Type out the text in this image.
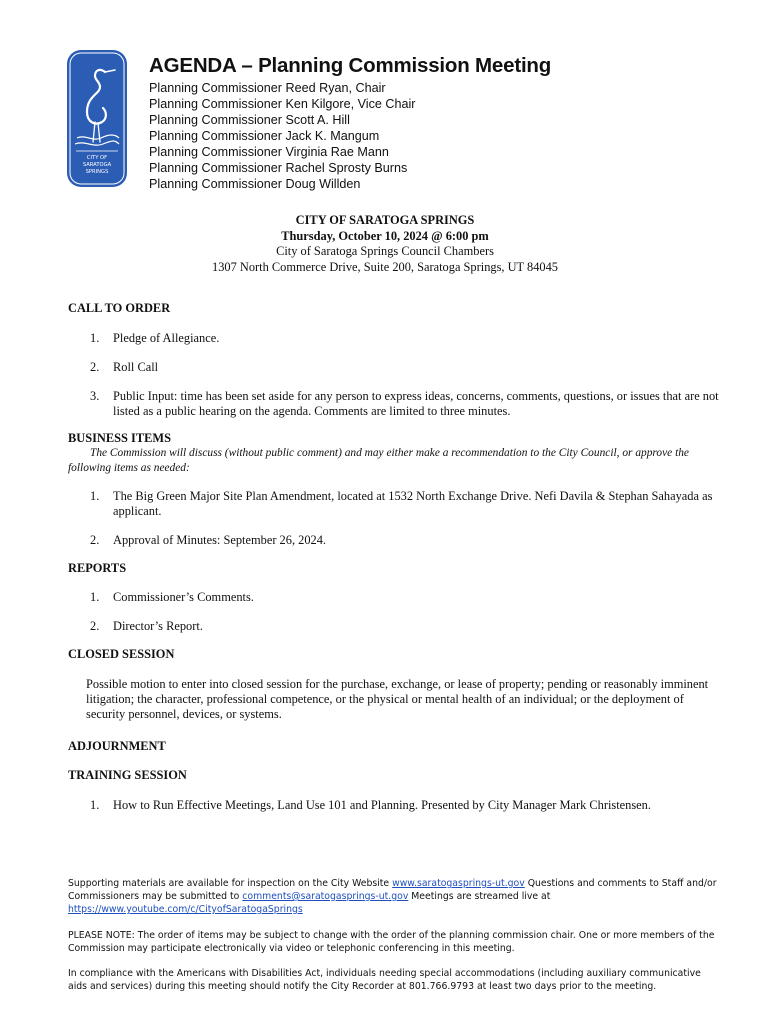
CITY OF
SARATOGA
SPRINGS
AGENDA – Planning Commission Meeting
Planning Commissioner Reed Ryan, Chair
Planning Commissioner Ken Kilgore, Vice Chair
Planning Commissioner Scott A. Hill
Planning Commissioner Jack K. Mangum
Planning Commissioner Virginia Rae Mann
Planning Commissioner Rachel Sprosty Burns
Planning Commissioner Doug Willden
CITY OF SARATOGA SPRINGS
Thursday, October 10, 2024 @ 6:00 pm
City of Saratoga Springs Council Chambers
1307 North Commerce Drive, Suite 200, Saratoga Springs, UT 84045
CALL TO ORDER
1. Pledge of Allegiance.
2. Roll Call
3. Public Input: time has been set aside for any person to express ideas, concerns, comments, questions, or issues that are not listed as a public hearing on the agenda. Comments are limited to three minutes.
BUSINESS ITEMS
The Commission will discuss (without public comment) and may either make a recommendation to the City Council, or approve the following items as needed:
1. The Big Green Major Site Plan Amendment, located at 1532 North Exchange Drive. Nefi Davila & Stephan Sahayada as applicant.
2. Approval of Minutes: September 26, 2024.
REPORTS
1. Commissioner’s Comments.
2. Director’s Report.
CLOSED SESSION
Possible motion to enter into closed session for the purchase, exchange, or lease of property; pending or reasonably imminent litigation; the character, professional competence, or the physical or mental health of an individual; or the deployment of security personnel, devices, or systems.
ADJOURNMENT
TRAINING SESSION
1. How to Run Effective Meetings, Land Use 101 and Planning. Presented by City Manager Mark Christensen.
Supporting materials are available for inspection on the City Website www.saratogasprings-ut.gov Questions and comments to Staff and/or Commissioners may be submitted to comments@saratogasprings-ut.gov Meetings are streamed live at https://www.youtube.com/c/CityofSaratogaSprings
PLEASE NOTE: The order of items may be subject to change with the order of the planning commission chair. One or more members of the Commission may participate electronically via video or telephonic conferencing in this meeting.
In compliance with the Americans with Disabilities Act, individuals needing special accommodations (including auxiliary communicative aids and services) during this meeting should notify the City Recorder at 801.766.9793 at least two days prior to the meeting.
